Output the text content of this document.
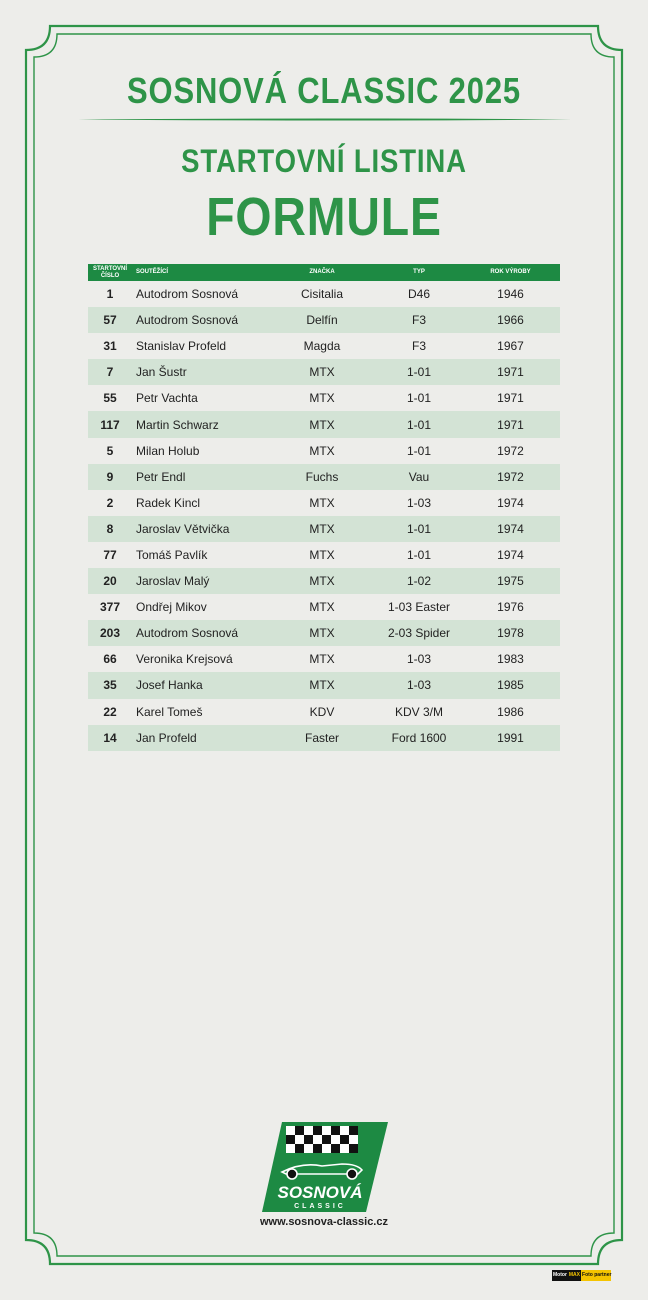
SOSNOVÁ CLASSIC 2025
STARTOVNÍ LISTINA
FORMULE
STARTOVNÍ
ČÍSLO	SOUTĚŽÍCÍ	ZNAČKA	TYP	ROK VÝROBY
1	Autodrom Sosnová	Cisitalia	D46	1946
57	Autodrom Sosnová	Delfín	F3	1966
31	Stanislav Profeld	Magda	F3	1967
7	Jan Šustr	MTX	1-01	1971
55	Petr Vachta	MTX	1-01	1971
117	Martin Schwarz	MTX	1-01	1971
5	Milan Holub	MTX	1-01	1972
9	Petr Endl	Fuchs	Vau	1972
2	Radek Kincl	MTX	1-03	1974
8	Jaroslav Větvička	MTX	1-01	1974
77	Tomáš Pavlík	MTX	1-01	1974
20	Jaroslav Malý	MTX	1-02	1975
377	Ondřej Mikov	MTX	1-03 Easter	1976
203	Autodrom Sosnová	MTX	2-03 Spider	1978
66	Veronika Krejsová	MTX	1-03	1983
35	Josef Hanka	MTX	1-03	1985
22	Karel Tomeš	KDV	KDV 3/M	1986
14	Jan Profeld	Faster	Ford 1600	1991
SOSNOVÁ
CLASSIC
www.sosnova-classic.cz
Motor MAX Foto partner
